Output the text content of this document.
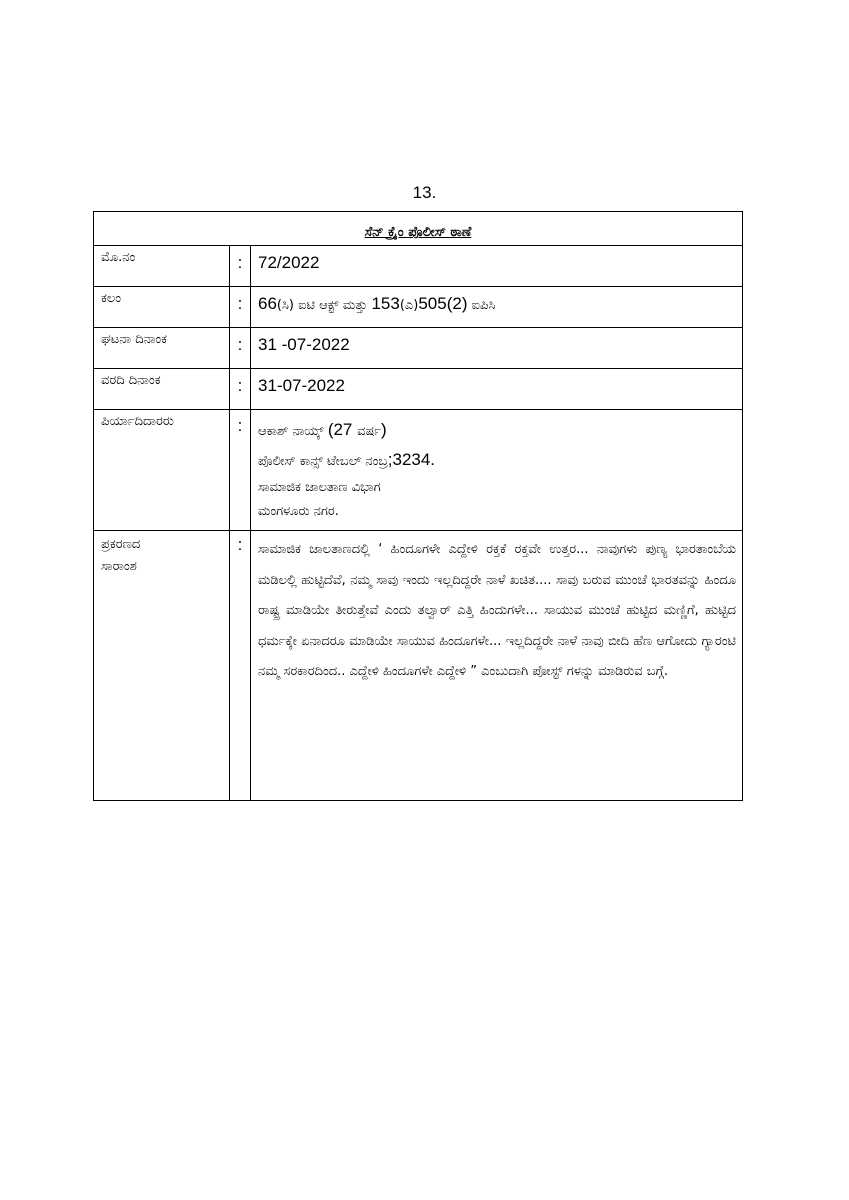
13.
ಸೆನ್ ಕ್ರೈಂ ಪೊಲೀಸ್ ಠಾಣೆ		
ಮೊ.ನಂ	:	72/2022
ಕಲಂ	:	66(ಸಿ) ಐಟಿ ಆಕ್ಟ್ ಮತ್ತು 153(ಎ)505(2) ಐಪಿಸಿ
ಘಟನಾ ದಿನಾಂಕ	:	31 -07-2022
ವರದಿ ದಿನಾಂಕ	:	31-07-2022
ಪಿರ್ಯಾದಿದಾರರು	:	ಆಕಾಶ್ ನಾಯ್ಕ್ (27 ವರ್ಷ)
ಪೊಲೀಸ್ ಕಾನ್ಸ್ ಟೇಬಲ್ ನಂಬ್ರ;3234.
ಸಾಮಾಜಿಕ ಜಾಲತಾಣ ವಿಭಾಗ
ಮಂಗಳೂರು ನಗರ.

ಪ್ರಕರಣದ
ಸಾರಾಂಶ	:	ಸಾಮಾಜಿಕ ಜಾಲತಾಣದಲ್ಲಿ ‘ ಹಿಂದೂಗಳೇ ಎದ್ದೇಳಿ ರಕ್ತಕೆ ರಕ್ತವೇ ಉತ್ತರ... ನಾವುಗಳು ಪುಣ್ಯ ಭಾರತಾಂಬೆಯ ಮಡಿಲಲ್ಲಿ ಹುಟ್ಟಿದೆವೆ, ನಮ್ಮ ಸಾವು ಇಂದು ಇಲ್ಲದಿದ್ದರೇ ನಾಳೆ ಖಚಿತ.... ಸಾವು ಬರುವ ಮುಂಚೆ ಭಾರತವನ್ನು ಹಿಂದೂ ರಾಷ್ಟ್ರ ಮಾಡಿಯೇ ತೀರುತ್ತೇವೆ ಎಂದು ತಲ್ವಾರ್ ಎತ್ತಿ ಹಿಂದುಗಳೇ... ಸಾಯುವ ಮುಂಚೆ ಹುಟ್ಟಿದ ಮಣ್ಣಿಗೆ, ಹುಟ್ಟಿದ ಧರ್ಮಕ್ಕೇ ಏನಾದರೂ ಮಾಡಿಯೇ ಸಾಯುವ ಹಿಂದೂಗಳೇ... ಇಲ್ಲದಿದ್ದರೇ ನಾಳೆ ನಾವು ಬೀದಿ ಹೆಣ ಆಗೋದು ಗ್ಯಾರಂಟಿ ನಮ್ಮ ಸರಕಾರದಿಂದ.. ಎದ್ದೇಳಿ ಹಿಂದೂಗಳೇ ಎದ್ದೇಳಿ ” ಎಂಬುದಾಗಿ ಪೋಸ್ಟ್ ಗಳನ್ನು ಮಾಡಿರುವ ಬಗ್ಗೆ.
